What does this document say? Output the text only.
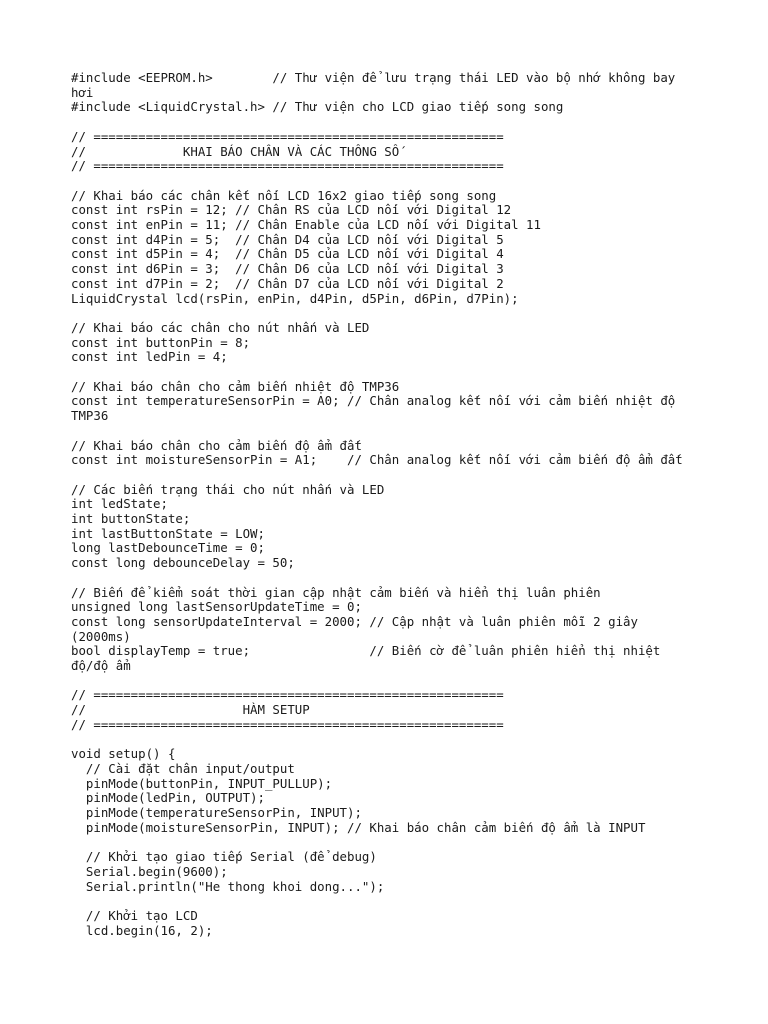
#include <EEPROM.h>        // Thư viện để lưu trạng thái LED vào bộ nhớ không bay
hơi
#include <LiquidCrystal.h> // Thư viện cho LCD giao tiếp song song
// =======================================================
//             KHAI BÁO CHÂN VÀ CÁC THÔNG SỐ
// =======================================================
// Khai báo các chân kết nối LCD 16x2 giao tiếp song song
const int rsPin = 12; // Chân RS của LCD nối với Digital 12
const int enPin = 11; // Chân Enable của LCD nối với Digital 11
const int d4Pin = 5;  // Chân D4 của LCD nối với Digital 5
const int d5Pin = 4;  // Chân D5 của LCD nối với Digital 4
const int d6Pin = 3;  // Chân D6 của LCD nối với Digital 3
const int d7Pin = 2;  // Chân D7 của LCD nối với Digital 2
LiquidCrystal lcd(rsPin, enPin, d4Pin, d5Pin, d6Pin, d7Pin);
// Khai báo các chân cho nút nhấn và LED
const int buttonPin = 8;
const int ledPin = 4;
// Khai báo chân cho cảm biến nhiệt độ TMP36
const int temperatureSensorPin = A0; // Chân analog kết nối với cảm biến nhiệt độ
TMP36
// Khai báo chân cho cảm biến độ ẩm đất
const int moistureSensorPin = A1;    // Chân analog kết nối với cảm biến độ ẩm đất
// Các biến trạng thái cho nút nhấn và LED
int ledState;
int buttonState;
int lastButtonState = LOW;
long lastDebounceTime = 0;
const long debounceDelay = 50;
// Biến để kiểm soát thời gian cập nhật cảm biến và hiển thị luân phiên
unsigned long lastSensorUpdateTime = 0;
const long sensorUpdateInterval = 2000; // Cập nhật và luân phiên mỗi 2 giây
(2000ms)
bool displayTemp = true;                // Biến cờ để luân phiên hiển thị nhiệt
độ/độ ẩm
// =======================================================
//                     HÀM SETUP
// =======================================================
void setup() {
// Cài đặt chân input/output
pinMode(buttonPin, INPUT_PULLUP);
pinMode(ledPin, OUTPUT);
pinMode(temperatureSensorPin, INPUT);
pinMode(moistureSensorPin, INPUT); // Khai báo chân cảm biến độ ẩm là INPUT
// Khởi tạo giao tiếp Serial (để debug)
Serial.begin(9600);
Serial.println("He thong khoi dong...");
// Khởi tạo LCD
lcd.begin(16, 2);
